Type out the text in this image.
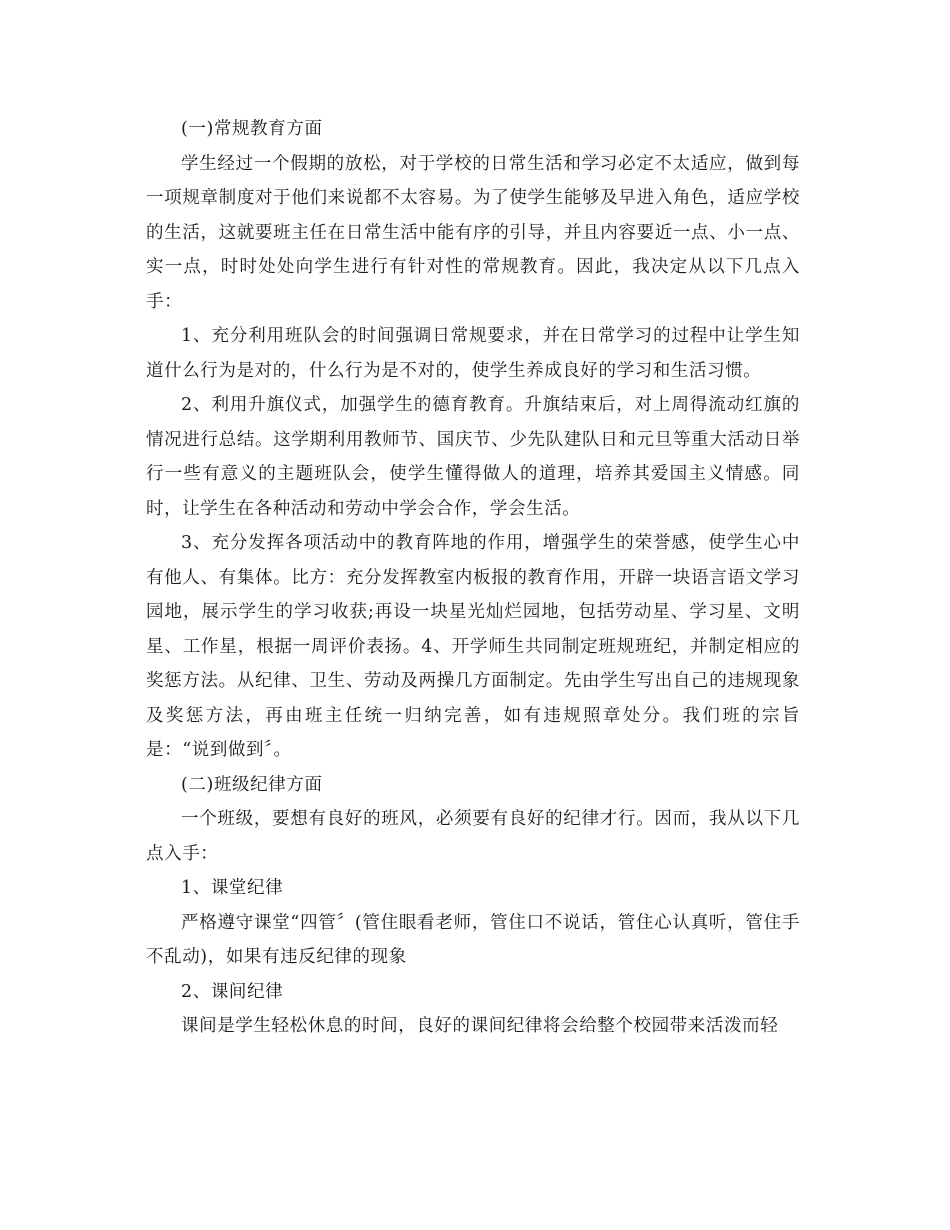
(一)常规教育方面

学生经过一个假期的放松，对于学校的日常生活和学习必定不太适应，做到每一项规章制度对于他们来说都不太容易。为了使学生能够及早进入角色，适应学校的生活，这就要班主任在日常生活中能有序的引导，并且内容要近一点、小一点、实一点，时时处处向学生进行有针对性的常规教育。因此，我决定从以下几点入手：

1、充分利用班队会的时间强调日常规要求，并在日常学习的过程中让学生知道什么行为是对的，什么行为是不对的，使学生养成良好的学习和生活习惯。

2、利用升旗仪式，加强学生的德育教育。升旗结束后，对上周得流动红旗的情况进行总结。这学期利用教师节、国庆节、少先队建队日和元旦等重大活动日举行一些有意义的主题班队会，使学生懂得做人的道理，培养其爱国主义情感。同时，让学生在各种活动和劳动中学会合作，学会生活。

3、充分发挥各项活动中的教育阵地的作用，增强学生的荣誉感，使学生心中有他人、有集体。比方：充分发挥教室内板报的教育作用，开辟一块语言语文学习园地，展示学生的学习收获;再设一块星光灿烂园地，包括劳动星、学习星、文明星、工作星，根据一周评价表扬。4、开学师生共同制定班规班纪，并制定相应的奖惩方法。从纪律、卫生、劳动及两操几方面制定。先由学生写出自己的违规现象及奖惩方法，再由班主任统一归纳完善，如有违规照章处分。我们班的宗旨是：“说到做到〞。

(二)班级纪律方面

一个班级，要想有良好的班风，必须要有良好的纪律才行。因而，我从以下几点入手：

1、课堂纪律

严格遵守课堂“四管〞(管住眼看老师，管住口不说话，管住心认真听，管住手不乱动)，如果有违反纪律的现象

2、课间纪律

课间是学生轻松休息的时间，良好的课间纪律将会给整个校园带来活泼而轻
